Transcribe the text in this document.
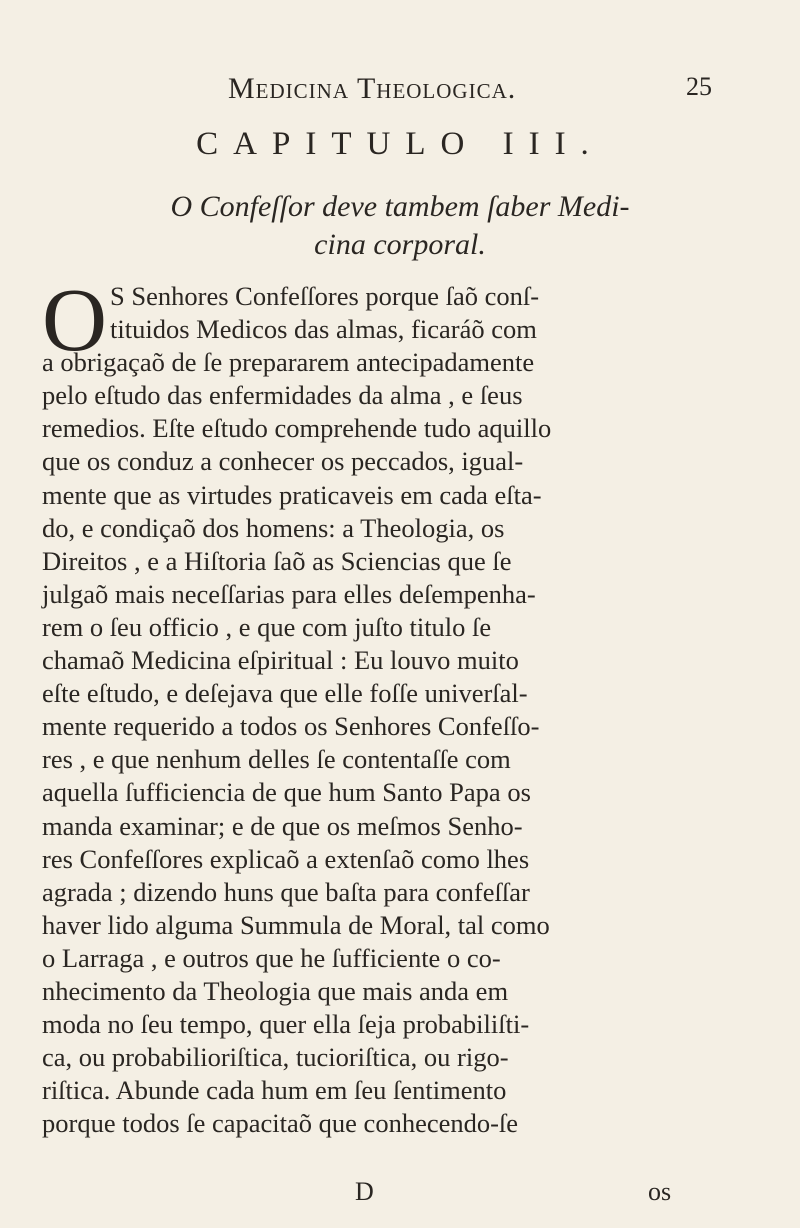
Medicina Theologica.	25
CAPITULO III.
O Confeſſor deve tambem ſaber Medi-
cina corporal.
O S Senhores Confeſſores porque ſaõ conſ-
tituidos Medicos das almas, ficaráõ com
a obrigaçaõ de ſe prepararem antecipadamente
pelo eſtudo das enfermidades da alma , e ſeus
remedios. Eſte eſtudo comprehende tudo aquillo
que os conduz a conhecer os peccados, igual-
mente que as virtudes praticaveis em cada eſta-
do, e condiçaõ dos homens: a Theologia, os
Direitos , e a Hiſtoria ſaõ as Sciencias que ſe
julgaõ mais neceſſarias para elles deſempenha-
rem o ſeu officio , e que com juſto titulo ſe
chamaõ Medicina eſpiritual : Eu louvo muito
eſte eſtudo, e deſejava que elle foſſe univerſal-
mente requerido a todos os Senhores Confeſſo-
res , e que nenhum delles ſe contentaſſe com
aquella ſufficiencia de que hum Santo Papa os
manda examinar; e de que os meſmos Senho-
res Confeſſores explicaõ a extenſaõ como lhes
agrada ; dizendo huns que baſta para confeſſar
haver lido alguma Summula de Moral, tal como
o Larraga , e outros que he ſufficiente o co-
nhecimento da Theologia que mais anda em
moda no ſeu tempo, quer ella ſeja probabiliſti-
ca, ou probabilioriſtica, tucioriſtica, ou rigo-
riſtica. Abunde cada hum em ſeu ſentimento
porque todos ſe capacitaõ que conhecendo-ſe
D	os
